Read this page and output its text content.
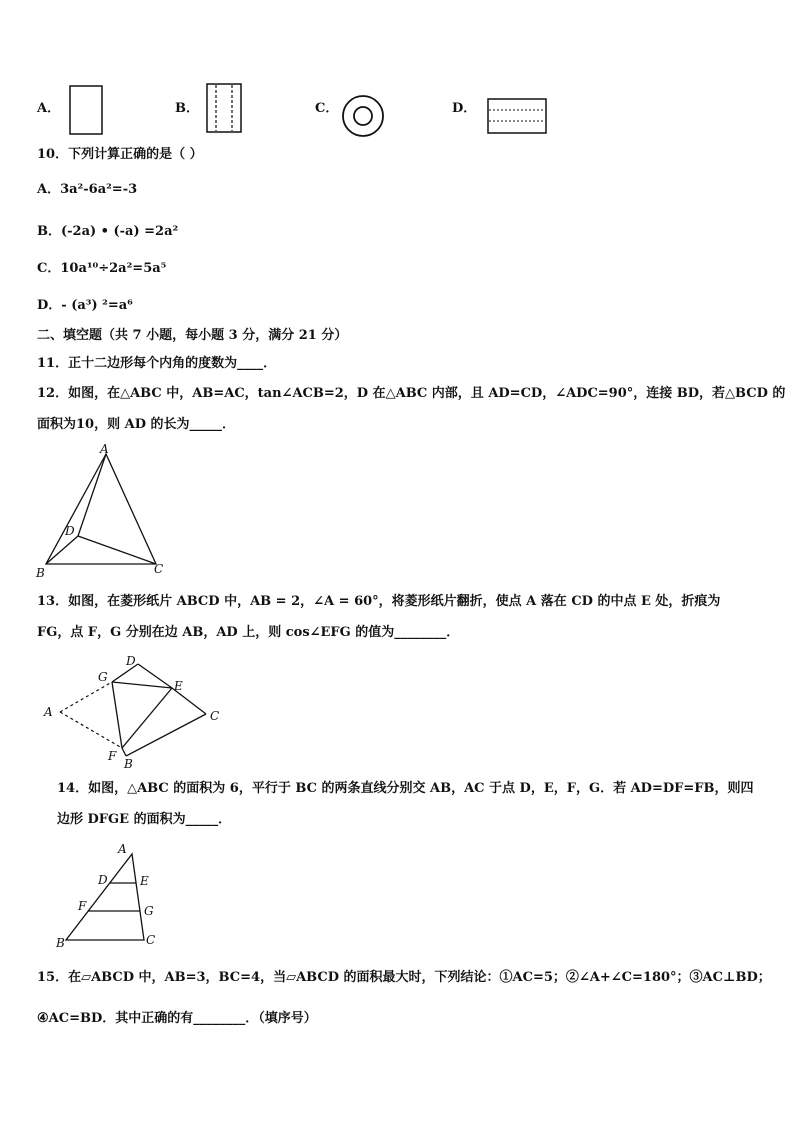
A．	B．	C．	D．
10．下列计算正确的是（ ）
A．3a²-6a²=-3
B．(-2a) • (-a) =2a²
C．10a¹⁰÷2a²=5a⁵
D．- (a³) ²=a⁶
二、填空题（共 7 小题，每小题 3 分，满分 21 分）
11．正十二边形每个内角的度数为____．
12．如图，在△ABC 中，AB=AC，tan∠ACB=2，D 在△ABC 内部，且 AD=CD，∠ADC=90°，连接 BD，若△BCD 的
面积为10，则 AD 的长为_____．
A
D
B	C
13．如图，在菱形纸片 ABCD 中，AB = 2，∠A = 60°，将菱形纸片翻折，使点 A 落在 CD 的中点 E 处，折痕为
FG，点 F，G 分别在边 AB，AD 上，则 cos∠EFG 的值为________．
D
G
E
A	C
F
B
14．如图，△ABC 的面积为 6，平行于 BC 的两条直线分别交 AB，AC 于点 D，E，F，G．若 AD=DF=FB，则四
边形 DFGE 的面积为_____．
A
D	E
F	G
B	C
15．在▱ABCD 中，AB=3，BC=4，当▱ABCD 的面积最大时，下列结论：①AC=5；②∠A+∠C=180°；③AC⊥BD；
④AC=BD．其中正确的有________．（填序号）
